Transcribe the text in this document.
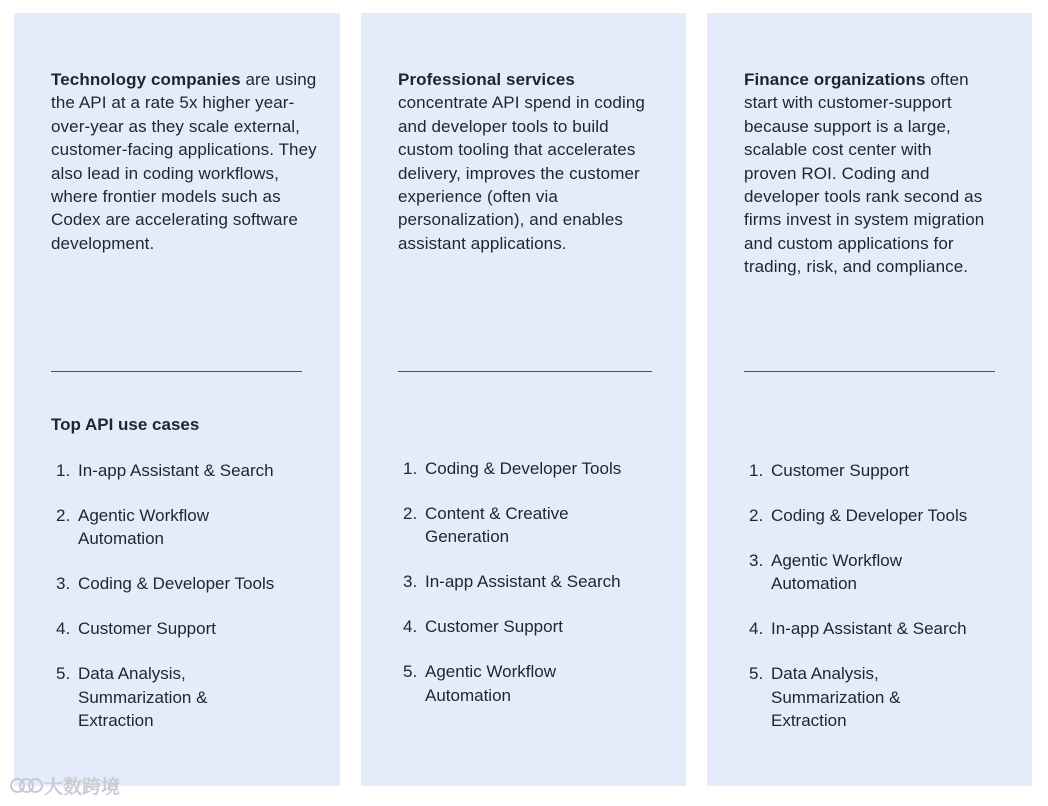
Technology companies are using the API at a rate 5x higher year-over-year as they scale external, customer-facing applications. They also lead in coding workflows, where frontier models such as Codex are accelerating software development.

Top API use cases
1. In-app Assistant & Search
2. Agentic Workflow Automation
3. Coding & Developer Tools
4. Customer Support
5. Data Analysis, Summarization & Extraction

Professional services concentrate API spend in coding and developer tools to build custom tooling that accelerates delivery, improves the customer experience (often via personalization), and enables assistant applications.

1. Coding & Developer Tools
2. Content & Creative Generation
3. In-app Assistant & Search
4. Customer Support
5. Agentic Workflow Automation

Finance organizations often start with customer-support because support is a large, scalable cost center with proven ROI. Coding and developer tools rank second as firms invest in system migration and custom applications for trading, risk, and compliance.

1. Customer Support
2. Coding & Developer Tools
3. Agentic Workflow Automation
4. In-app Assistant & Search
5. Data Analysis, Summarization & Extraction
大数跨境
